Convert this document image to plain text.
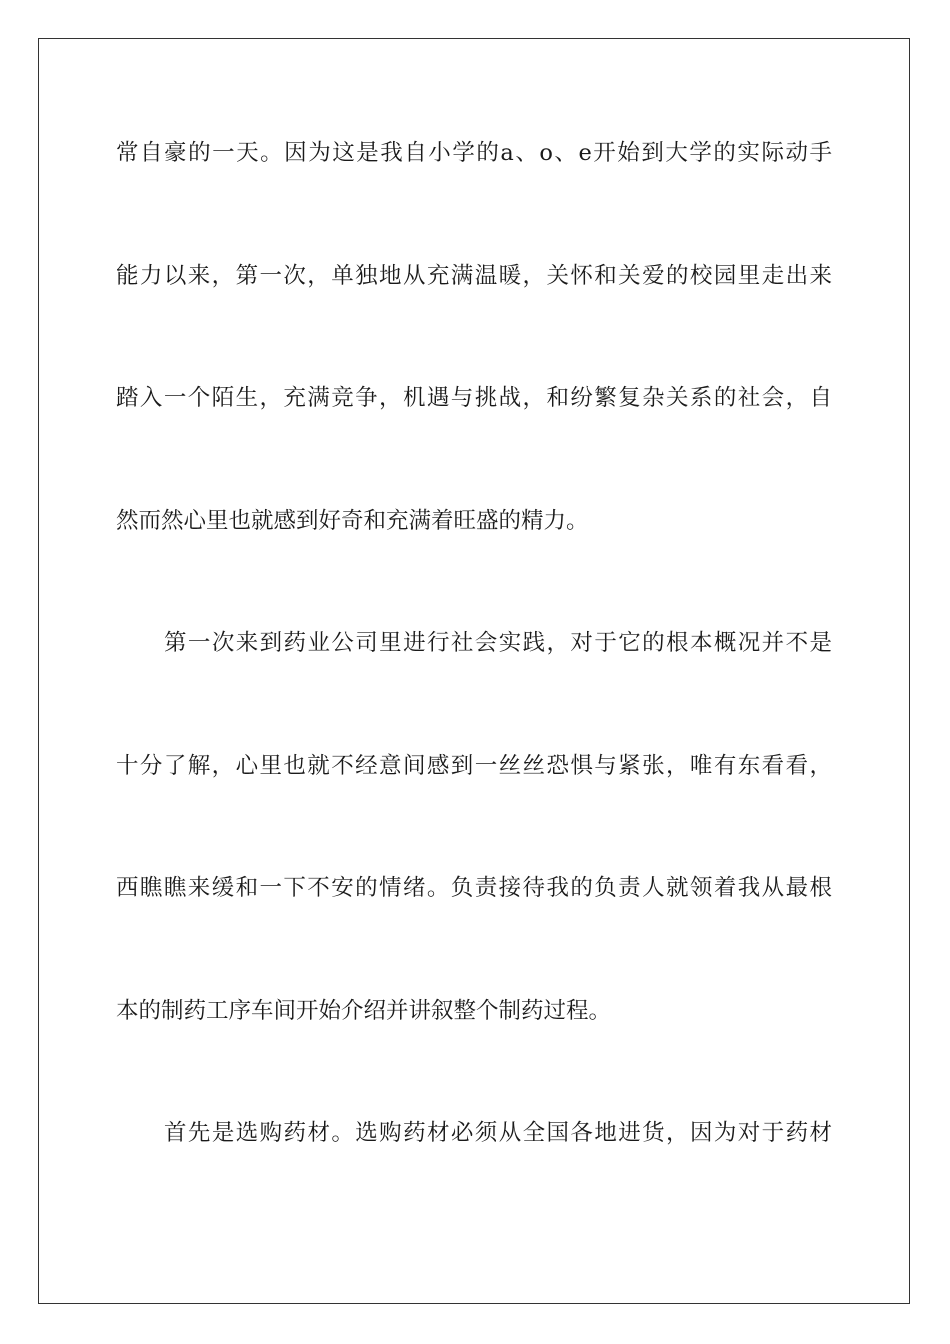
常自豪的一天。因为这是我自小学的a、o、e开始到大学的实际动手

能力以来，第一次，单独地从充满温暖，关怀和关爱的校园里走出来

踏入一个陌生，充满竞争，机遇与挑战，和纷繁复杂关系的社会，自

然而然心里也就感到好奇和充满着旺盛的精力。

第一次来到药业公司里进行社会实践，对于它的根本概况并不是

十分了解，心里也就不经意间感到一丝丝恐惧与紧张，唯有东看看，

西瞧瞧来缓和一下不安的情绪。负责接待我的负责人就领着我从最根

本的制药工序车间开始介绍并讲叙整个制药过程。

首先是选购药材。选购药材必须从全国各地进货，因为对于药材
